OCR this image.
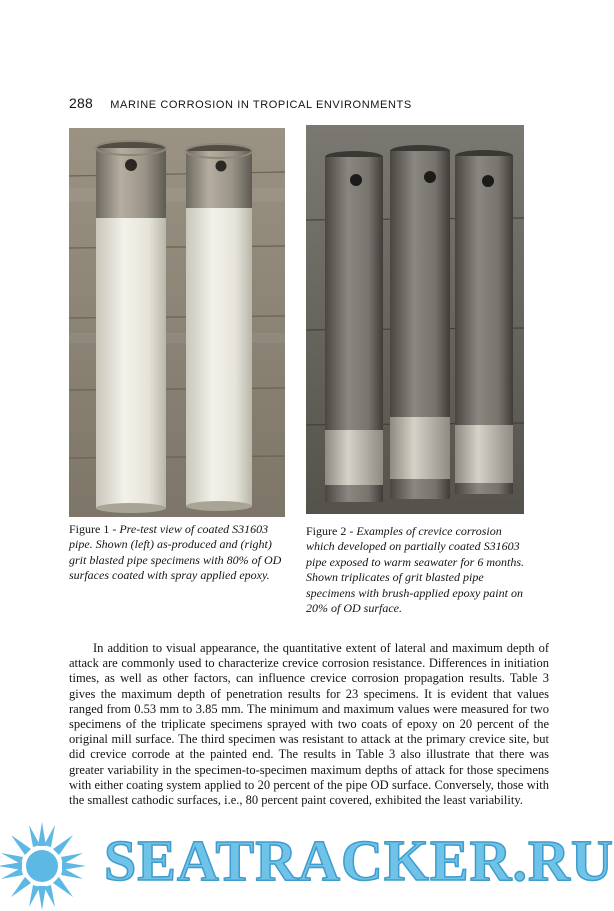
288 MARINE CORROSION IN TROPICAL ENVIRONMENTS
Figure 1 - Pre-test view of coated S31603 pipe. Shown (left) as-produced and (right) grit blasted pipe specimens with 80% of OD surfaces coated with spray applied epoxy.
Figure 2 - Examples of crevice corrosion which developed on partially coated S31603 pipe exposed to warm seawater for 6 months. Shown triplicates of grit blasted pipe specimens with brush-applied epoxy paint on 20% of OD surface.

In addition to visual appearance, the quantitative extent of lateral and maximum depth of attack are commonly used to characterize crevice corrosion resistance. Differences in initiation times, as well as other factors, can influence crevice corrosion propagation results. Table 3 gives the maximum depth of penetration results for 23 specimens. It is evident that values ranged from 0.53 mm to 3.85 mm. The minimum and maximum values were measured for two specimens of the triplicate specimens sprayed with two coats of epoxy on 20 percent of the original mill surface. The third specimen was resistant to attack at the primary crevice site, but did crevice corrode at the painted end. The results in Table 3 also illustrate that there was greater variability in the specimen-to-specimen maximum depths of attack for those specimens with either coating system applied to 20 percent of the pipe OD surface. Conversely, those with the smallest cathodic surfaces, i.e., 80 percent paint covered, exhibited the least variability.

SEATRACKER.RU
